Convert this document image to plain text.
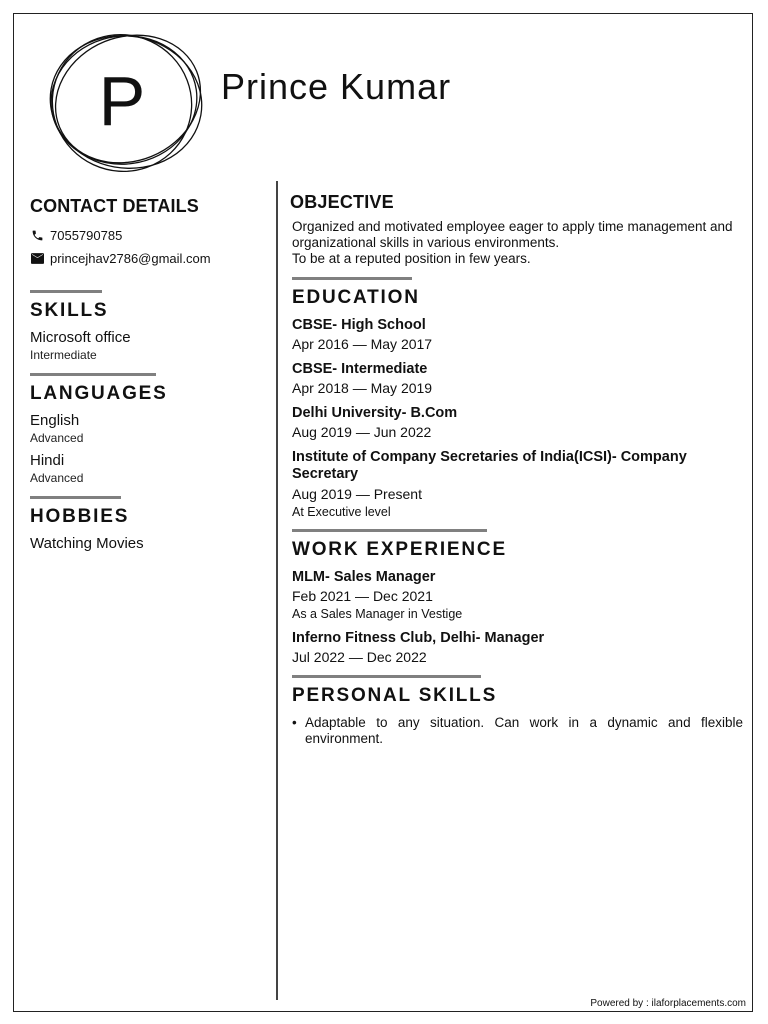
P	Prince Kumar
CONTACT DETAILS
7055790785
princejhav2786@gmail.com
SKILLS
Microsoft office
Intermediate
LANGUAGES
English
Advanced
Hindi
Advanced
HOBBIES
Watching Movies
OBJECTIVE
Organized and motivated employee eager to apply time management and
organizational skills in various environments.
To be at a reputed position in few years.
EDUCATION
CBSE- High School
Apr 2016 — May 2017
CBSE- Intermediate
Apr 2018 — May 2019
Delhi University- B.Com
Aug 2019 — Jun 2022
Institute of Company Secretaries of India(ICSI)- Company Secretary
Aug 2019 — Present
At Executive level
WORK EXPERIENCE
MLM- Sales Manager
Feb 2021 — Dec 2021
As a Sales Manager in Vestige
Inferno Fitness Club, Delhi- Manager
Jul 2022 — Dec 2022
PERSONAL SKILLS
• Adaptable to any situation. Can work in a dynamic and flexible environment.
Powered by : ilaforplacements.com
